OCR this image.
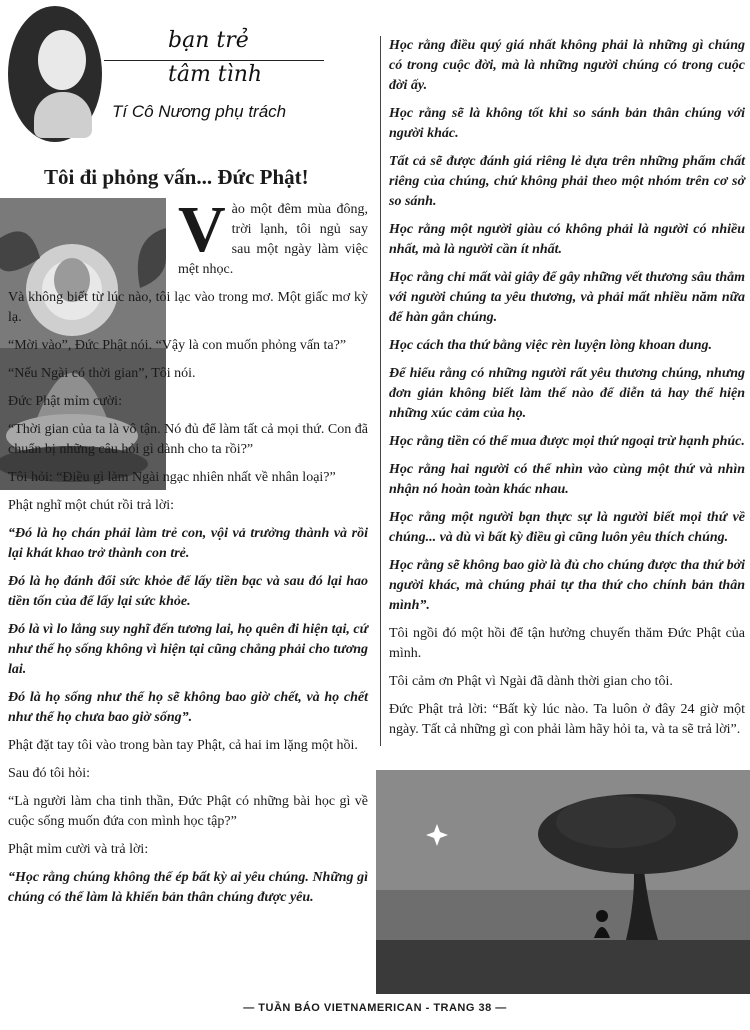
bạn trẻ
tâm tình
Tí Cô Nương phụ trách
Tôi đi phỏng vấn... Đức Phật!

Vào một đêm mùa đông, trời lạnh, tôi ngủ say sau một ngày làm việc mệt nhọc.

Và không biết từ lúc nào, tôi lạc vào trong mơ. Một giấc mơ kỳ lạ.

“Mời vào”, Đức Phật nói. “Vậy là con muốn phỏng vấn ta?”

“Nếu Ngài có thời gian”, Tôi nói.

Đức Phật mỉm cười:

“Thời gian của ta là vô tận. Nó đủ để làm tất cả mọi thứ. Con đã chuẩn bị những câu hỏi gì dành cho ta rồi?”

Tôi hỏi: “Điều gì làm Ngài ngạc nhiên nhất về nhân loại?”

Phật nghĩ một chút rồi trả lời:

“Đó là họ chán phải làm trẻ con, vội vả trưởng thành và rồi lại khát khao trở thành con trẻ.

Đó là họ đánh đổi sức khỏe để lấy tiền bạc và sau đó lại hao tiền tốn của để lấy lại sức khỏe.

Đó là vì lo lắng suy nghĩ đến tương lai, họ quên đi hiện tại, cứ như thế họ sống không vì hiện tại cũng chẳng phải cho tương lai.

Đó là họ sống như thể họ sẽ không bao giờ chết, và họ chết như thể họ chưa bao giờ sống”.

Phật đặt tay tôi vào trong bàn tay Phật, cả hai im lặng một hồi.

Sau đó tôi hỏi:

“Là người làm cha tinh thần, Đức Phật có những bài học gì về cuộc sống muốn đứa con mình học tập?”

Phật mỉm cười và trả lời:

“Học rằng chúng không thể ép bất kỳ ai yêu chúng. Những gì chúng có thể làm là khiến bản thân chúng được yêu.

Học rằng điều quý giá nhất không phải là những gì chúng có trong cuộc đời, mà là những người chúng có trong cuộc đời ấy.

Học rằng sẽ là không tốt khi so sánh bản thân chúng với người khác.

Tất cả sẽ được đánh giá riêng lẻ dựa trên những phẩm chất riêng của chúng, chứ không phải theo một nhóm trên cơ sở so sánh.

Học rằng một người giàu có không phải là người có nhiều nhất, mà là người cần ít nhất.

Học rằng chỉ mất vài giây để gây những vết thương sâu thẳm với người chúng ta yêu thương, và phải mất nhiều năm nữa để hàn gắn chúng.

Học cách tha thứ bằng việc rèn luyện lòng khoan dung.

Để hiểu rằng có những người rất yêu thương chúng, nhưng đơn giản không biết làm thế nào để diễn tả hay thể hiện những xúc cảm của họ.

Học rằng tiền có thể mua được mọi thứ ngoại trừ hạnh phúc.

Học rằng hai người có thể nhìn vào cùng một thứ và nhìn nhận nó hoàn toàn khác nhau.

Học rằng một người bạn thực sự là người biết mọi thứ về chúng... và dù vì bất kỳ điều gì cũng luôn yêu thích chúng.

Học rằng sẽ không bao giờ là đủ cho chúng được tha thứ bởi người khác, mà chúng phải tự tha thứ cho chính bản thân mình”.

Tôi ngồi đó một hồi để tận hưởng chuyến thăm Đức Phật của mình.

Tôi cảm ơn Phật vì Ngài đã dành thời gian cho tôi.

Đức Phật trả lời: “Bất kỳ lúc nào. Ta luôn ở đây 24 giờ một ngày. Tất cả những gì con phải làm hãy hỏi ta, và ta sẽ trả lời”.

— TUẦN BÁO VIETNAMERICAN - TRANG 38 —
